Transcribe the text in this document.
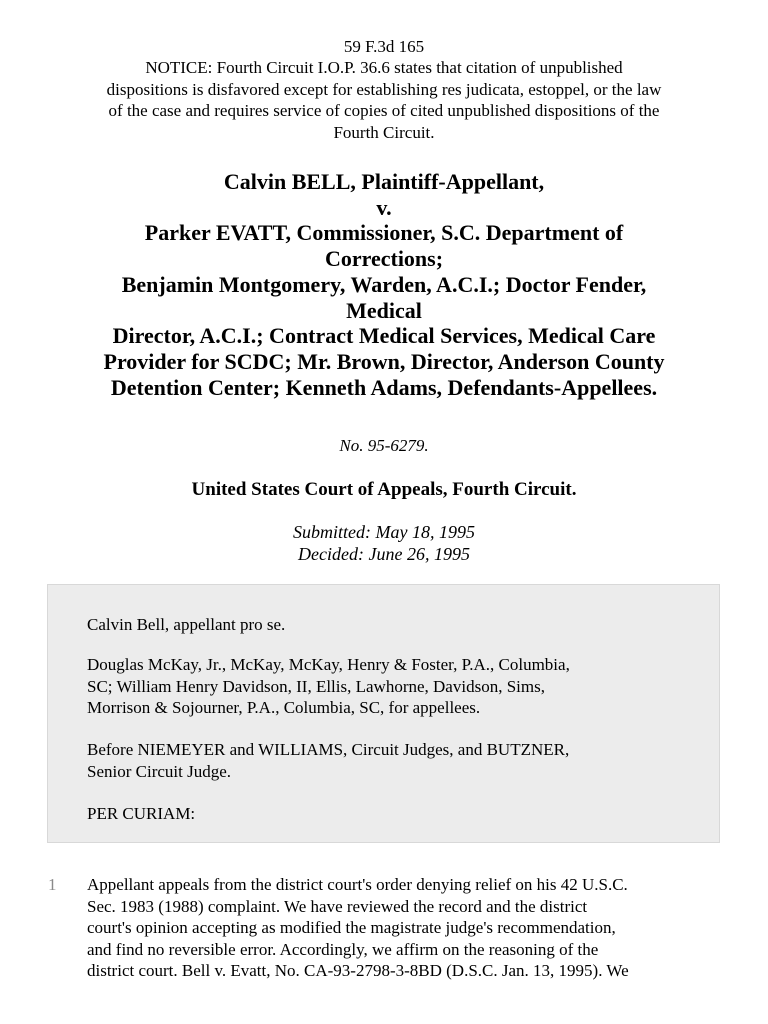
59 F.3d 165
NOTICE: Fourth Circuit I.O.P. 36.6 states that citation of unpublished
dispositions is disfavored except for establishing res judicata, estoppel, or the law
of the case and requires service of copies of cited unpublished dispositions of the
Fourth Circuit.
Calvin BELL, Plaintiff-Appellant,
v.
Parker EVATT, Commissioner, S.C. Department of
Corrections;
Benjamin Montgomery, Warden, A.C.I.; Doctor Fender,
Medical
Director, A.C.I.; Contract Medical Services, Medical Care
Provider for SCDC; Mr. Brown, Director, Anderson County
Detention Center; Kenneth Adams, Defendants-Appellees.
No. 95-6279.
United States Court of Appeals, Fourth Circuit.
Submitted: May 18, 1995
Decided: June 26, 1995

Calvin Bell, appellant pro se.

Douglas McKay, Jr., McKay, McKay, Henry & Foster, P.A., Columbia,
SC; William Henry Davidson, II, Ellis, Lawhorne, Davidson, Sims,
Morrison & Sojourner, P.A., Columbia, SC, for appellees.

Before NIEMEYER and WILLIAMS, Circuit Judges, and BUTZNER,
Senior Circuit Judge.

PER CURIAM:

1 Appellant appeals from the district court's order denying relief on his 42 U.S.C.
Sec. 1983 (1988) complaint. We have reviewed the record and the district
court's opinion accepting as modified the magistrate judge's recommendation,
and find no reversible error. Accordingly, we affirm on the reasoning of the
district court. Bell v. Evatt, No. CA-93-2798-3-8BD (D.S.C. Jan. 13, 1995). We
